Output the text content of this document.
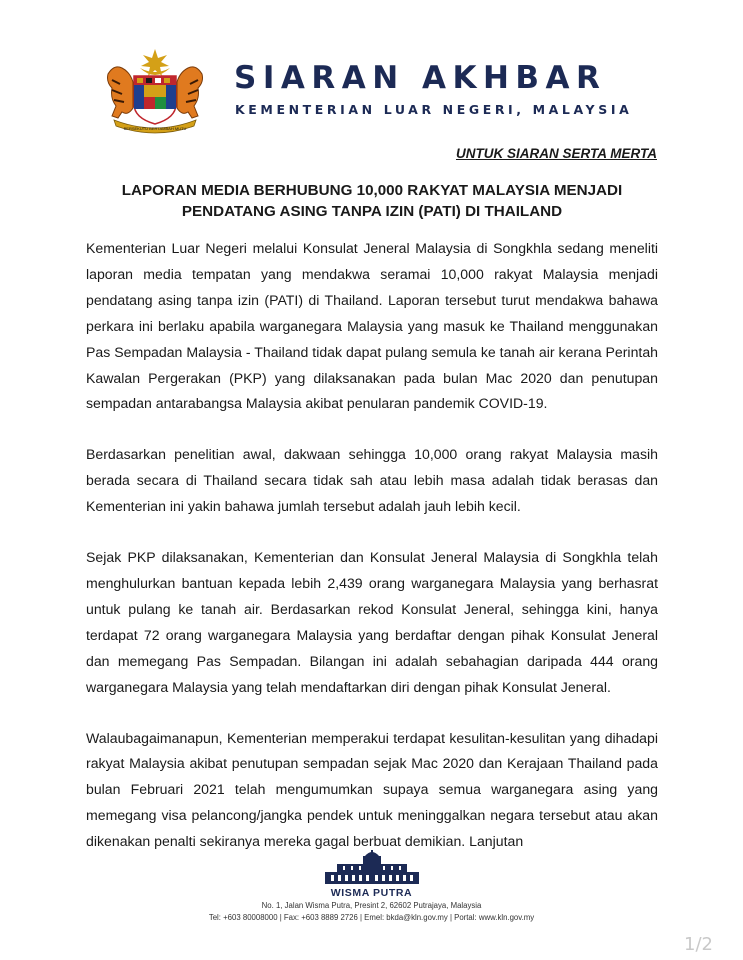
BERSEKUTU BERTAMBAH MUTU
SIARAN AKHBAR
KEMENTERIAN LUAR NEGERI, MALAYSIA
UNTUK SIARAN SERTA MERTA
LAPORAN MEDIA BERHUBUNG 10,000 RAKYAT MALAYSIA MENJADI
PENDATANG ASING TANPA IZIN (PATI) DI THAILAND

Kementerian Luar Negeri melalui Konsulat Jeneral Malaysia di Songkhla sedang meneliti laporan media tempatan yang mendakwa seramai 10,000 rakyat Malaysia menjadi pendatang asing tanpa izin (PATI) di Thailand. Laporan tersebut turut mendakwa bahawa perkara ini berlaku apabila warganegara Malaysia yang masuk ke Thailand menggunakan Pas Sempadan Malaysia - Thailand tidak dapat pulang semula ke tanah air kerana Perintah Kawalan Pergerakan (PKP) yang dilaksanakan pada bulan Mac 2020 dan penutupan sempadan antarabangsa Malaysia akibat penularan pandemik COVID-19.

Berdasarkan penelitian awal, dakwaan sehingga 10,000 orang rakyat Malaysia masih berada secara di Thailand secara tidak sah atau lebih masa adalah tidak berasas dan Kementerian ini yakin bahawa jumlah tersebut adalah jauh lebih kecil.

Sejak PKP dilaksanakan, Kementerian dan Konsulat Jeneral Malaysia di Songkhla telah menghulurkan bantuan kepada lebih 2,439 orang warganegara Malaysia yang berhasrat untuk pulang ke tanah air. Berdasarkan rekod Konsulat Jeneral, sehingga kini, hanya terdapat 72 orang warganegara Malaysia yang berdaftar dengan pihak Konsulat Jeneral dan memegang Pas Sempadan. Bilangan ini adalah sebahagian daripada 444 orang warganegara Malaysia yang telah mendaftarkan diri dengan pihak Konsulat Jeneral.

Walaubagaimanapun, Kementerian memperakui terdapat kesulitan-kesulitan yang dihadapi rakyat Malaysia akibat penutupan sempadan sejak Mac 2020 dan Kerajaan Thailand pada bulan Februari 2021 telah mengumumkan supaya semua warganegara asing yang memegang visa pelancong/jangka pendek untuk meninggalkan negara tersebut atau akan dikenakan penalti sekiranya mereka gagal berbuat demikian. Lanjutan

WISMA PUTRA
No. 1, Jalan Wisma Putra, Presint 2, 62602 Putrajaya, Malaysia
Tel: +603 80008000 | Fax: +603 8889 2726 | Emel: bkda@kln.gov.my | Portal: www.kln.gov.my
1/2
